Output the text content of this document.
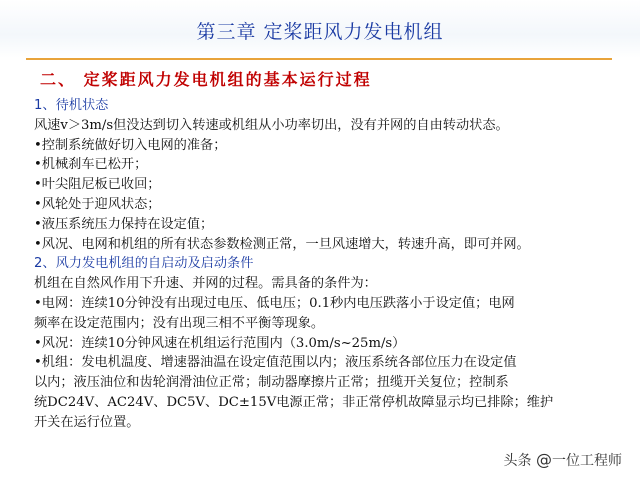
第三章 定桨距风力发电机组
二、 定桨距风力发电机组的基本运行过程

1、待机状态

风速v＞3m/s但没达到切入转速或机组从小功率切出，没有并网的自由转动状态。

•控制系统做好切入电网的准备；

•机械刹车已松开；

•叶尖阻尼板已收回；

•风轮处于迎风状态；

•液压系统压力保持在设定值；

•风况、电网和机组的所有状态参数检测正常，一旦风速增大，转速升高，即可并网。

2、风力发电机组的自启动及启动条件

机组在自然风作用下升速、并网的过程。需具备的条件为：

•电网：连续10分钟没有出现过电压、低电压；0.1秒内电压跌落小于设定值；电网

频率在设定范围内；没有出现三相不平衡等现象。

•风况：连续10分钟风速在机组运行范围内（3.0m/s~25m/s）

•机组：发电机温度、增速器油温在设定值范围以内；液压系统各部位压力在设定值

以内；液压油位和齿轮润滑油位正常；制动器摩擦片正常；扭缆开关复位；控制系

统DC24V、AC24V、DC5V、DC±15V电源正常；非正常停机故障显示均已排除；维护

开关在运行位置。

头条 @一位工程师
